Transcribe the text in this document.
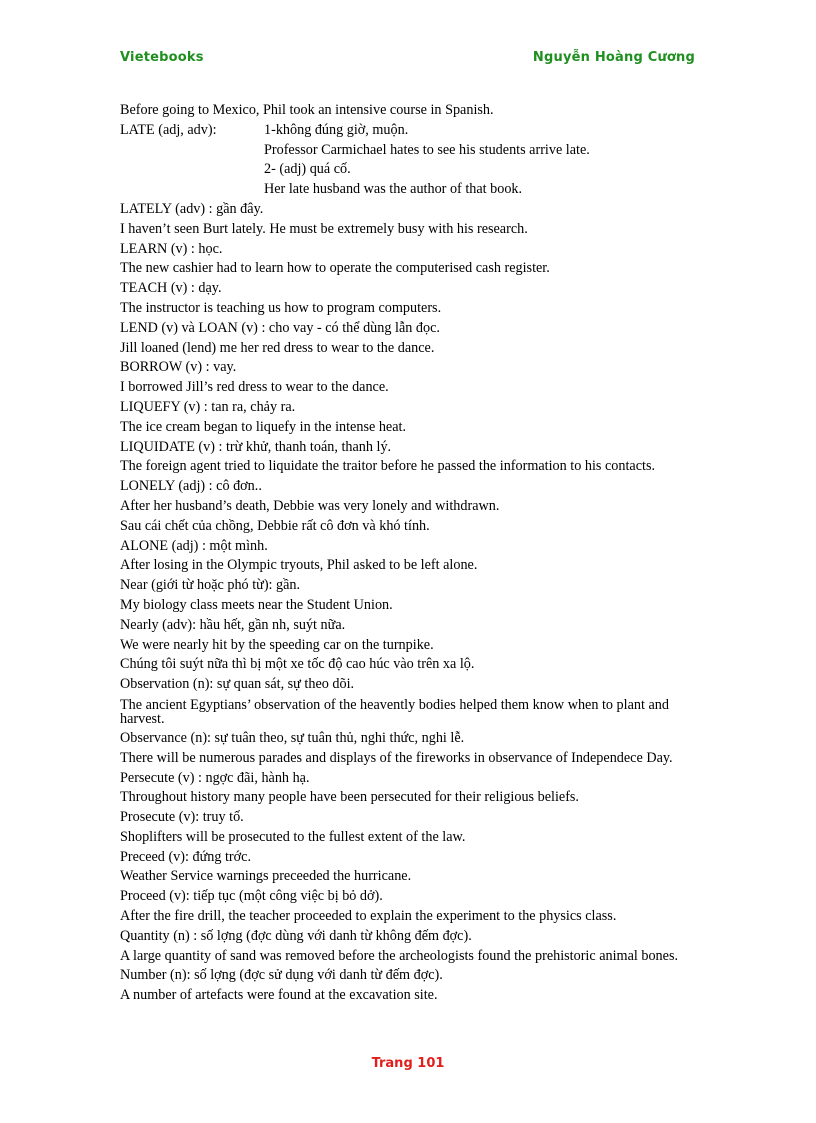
Vietebooks	Nguyễn Hoàng Cương
Before going to Mexico, Phil took an intensive course in Spanish.
LATE (adj, adv):	1-không đúng giờ, muộn.
Professor Carmichael hates to see his students arrive late.
2- (adj) quá cố.
Her late husband was the author of that book.
LATELY (adv) : gần đây.
I haven’t seen Burt lately. He must be extremely busy with his research.
LEARN (v) : học.
The new cashier had to learn how to operate the computerised cash register.
TEACH (v) : dạy.
The instructor is teaching us how to program computers.
LEND (v) và LOAN (v) : cho vay - có thể dùng lẫn đọc.
Jill loaned (lend) me her red dress to wear to the dance.
BORROW (v) : vay.
I borrowed Jill’s red dress to wear to the dance.
LIQUEFY (v) : tan ra, chảy ra.
The ice cream began to liquefy in the intense heat.
LIQUIDATE (v) : trừ khử, thanh toán, thanh lý.
The foreign agent tried to liquidate the traitor before he passed the information to his contacts.
LONELY (adj) : cô đơn..
After her husband’s death, Debbie was very lonely and withdrawn.
Sau cái chết của chồng, Debbie rất cô đơn và khó tính.
ALONE (adj) : một mình.
After losing in the Olympic tryouts, Phil asked to be left alone.
Near (giới từ hoặc phó từ): gần.
My biology class meets near the Student Union.
Nearly (adv): hầu hết, gần nh, suýt nữa.
We were nearly hit by the speeding car on the turnpike.
Chúng tôi suýt nữa thì bị một xe tốc độ cao húc vào trên xa lộ.
Observation (n): sự quan sát, sự theo dõi.
The ancient Egyptians’ observation of the heavently bodies helped them know when to plant and harvest.
Observance (n): sự tuân theo, sự tuân thủ, nghi thức, nghi lễ.
There will be numerous parades and displays of the fireworks in observance of Independece Day.
Persecute (v) : ngợc đãi, hành hạ.
Throughout history many people have been persecuted for their religious beliefs.
Prosecute (v): truy tố.
Shoplifters will be prosecuted to the fullest extent of the law.
Preceed (v): đứng trớc.
Weather Service warnings preceeded the hurricane.
Proceed (v): tiếp tục (một công việc bị bỏ dở).
After the fire drill, the teacher proceeded to explain the experiment to the physics class.
Quantity (n) : số lợng (đợc dùng với danh từ không đếm đợc).
A large quantity of sand was removed before the archeologists found the prehistoric animal bones.
Number (n): số lợng (đợc sử dụng với danh từ đếm đợc).
A number of artefacts were found at the excavation site.
Trang 101
